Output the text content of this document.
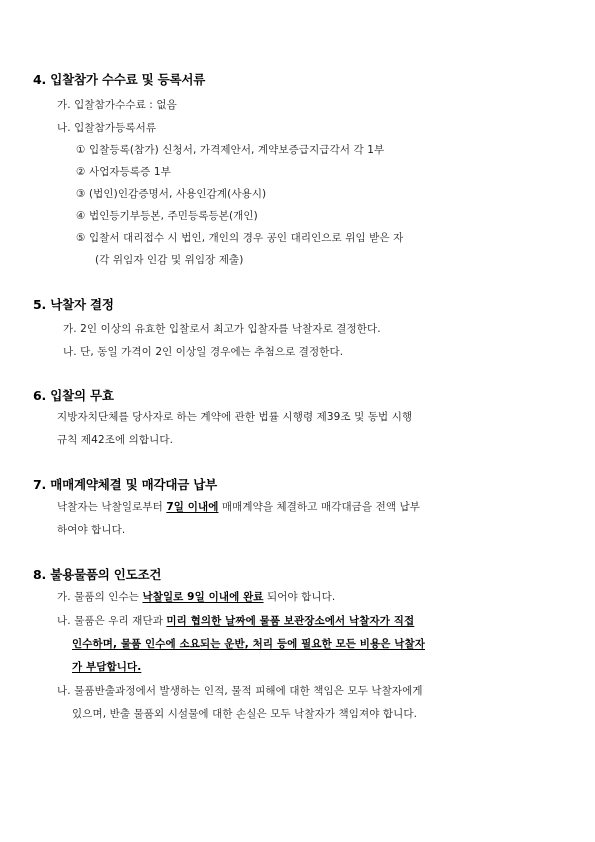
4. 입찰참가 수수료 및 등록서류
가. 입찰참가수수료 : 없음
나. 입찰참가등록서류
① 입찰등록(참가) 신청서, 가격제안서, 계약보증급지급각서 각 1부
② 사업자등록증 1부
③ (법인)인감증명서, 사용인감계(사용시)
④ 법인등기부등본, 주민등록등본(개인)
⑤ 입찰서 대리접수 시 법인, 개인의 경우 공인 대리인으로 위임 받은 자
(각 위임자 인감 및 위임장 제출)
5. 낙찰자 결정
가. 2인 이상의 유효한 입찰로서 최고가 입찰자를 낙찰자로 결정한다.
나. 단, 동일 가격이 2인 이상일 경우에는 추첨으로 결정한다.
6. 입찰의 무효
지방자치단체를 당사자로 하는 계약에 관한 법률 시행령 제39조 및 동법 시행
규칙 제42조에 의합니다.
7. 매매계약체결 및 매각대금 납부
낙찰자는 낙찰일로부터 7일 이내에 매매계약을 체결하고 매각대금을 전액 납부
하여야 합니다.
8. 불용물품의 인도조건
가. 물품의 인수는 낙찰일로 9일 이내에 완료 되어야 합니다.
나. 물품은 우리 재단과 미리 협의한 날짜에 물품 보관장소에서 낙찰자가 직접
인수하며, 물품 인수에 소요되는 운반, 처리 등에 필요한 모든 비용은 낙찰자
가 부담합니다.
나. 물품반출과정에서 발생하는 인적, 물적 피해에 대한 책임은 모두 낙찰자에게
있으며, 반출 물품외 시설물에 대한 손실은 모두 낙찰자가 책임져야 합니다.
